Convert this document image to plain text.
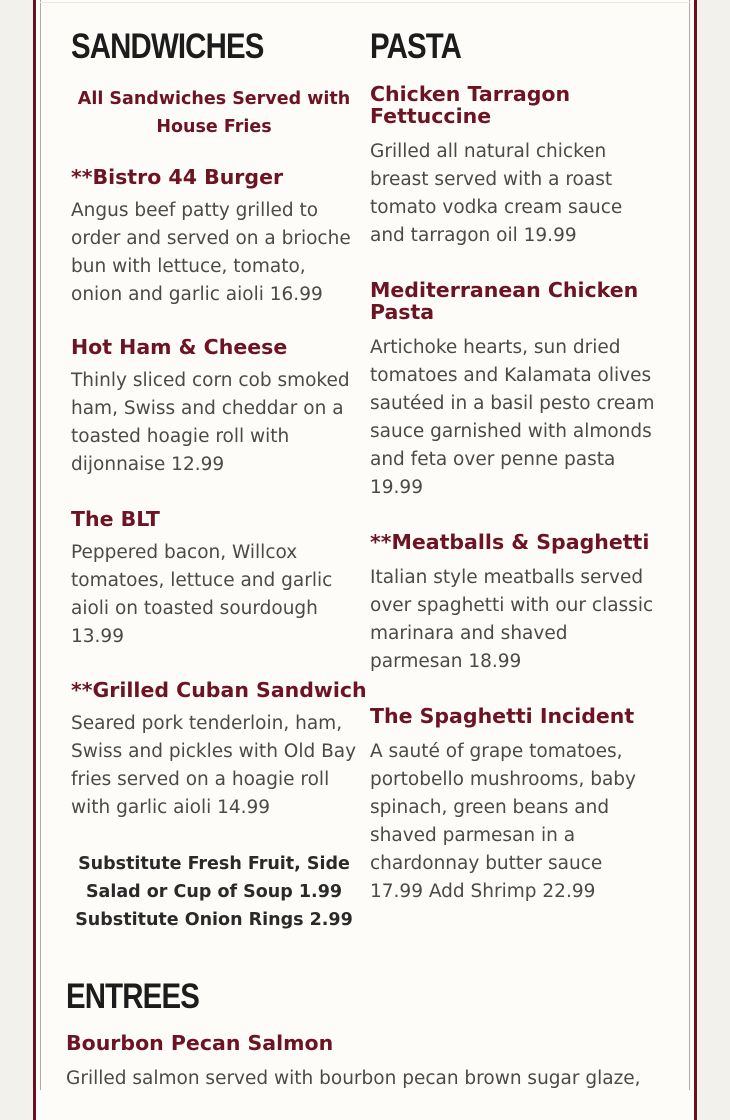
SANDWICHES

All Sandwiches Served with House Fries

**Bistro 44 Burger

Angus beef patty grilled to order and served on a brioche bun with lettuce, tomato, onion and garlic aioli 16.99

Hot Ham & Cheese

Thinly sliced corn cob smoked ham, Swiss and cheddar on a toasted hoagie roll with dijonnaise 12.99

The BLT

Peppered bacon, Willcox tomatoes, lettuce and garlic aioli on toasted sourdough 13.99

**Grilled Cuban Sandwich

Seared pork tenderloin, ham, Swiss and pickles with Old Bay fries served on a hoagie roll with garlic aioli 14.99

Substitute Fresh Fruit, Side Salad or Cup of Soup 1.99

Substitute Onion Rings 2.99

PASTA
Chicken Tarragon Fettuccine

Grilled all natural chicken breast served with a roast tomato vodka cream sauce and tarragon oil 19.99

Mediterranean Chicken Pasta

Artichoke hearts, sun dried tomatoes and Kalamata olives sautéed in a basil pesto cream sauce garnished with almonds and feta over penne pasta 19.99

**Meatballs & Spaghetti

Italian style meatballs served over spaghetti with our classic marinara and shaved parmesan 18.99

The Spaghetti Incident

A sauté of grape tomatoes, portobello mushrooms, baby spinach, green beans and shaved parmesan in a chardonnay butter sauce 17.99 Add Shrimp 22.99

ENTREES
Bourbon Pecan Salmon

Grilled salmon served with bourbon pecan brown sugar glaze,
